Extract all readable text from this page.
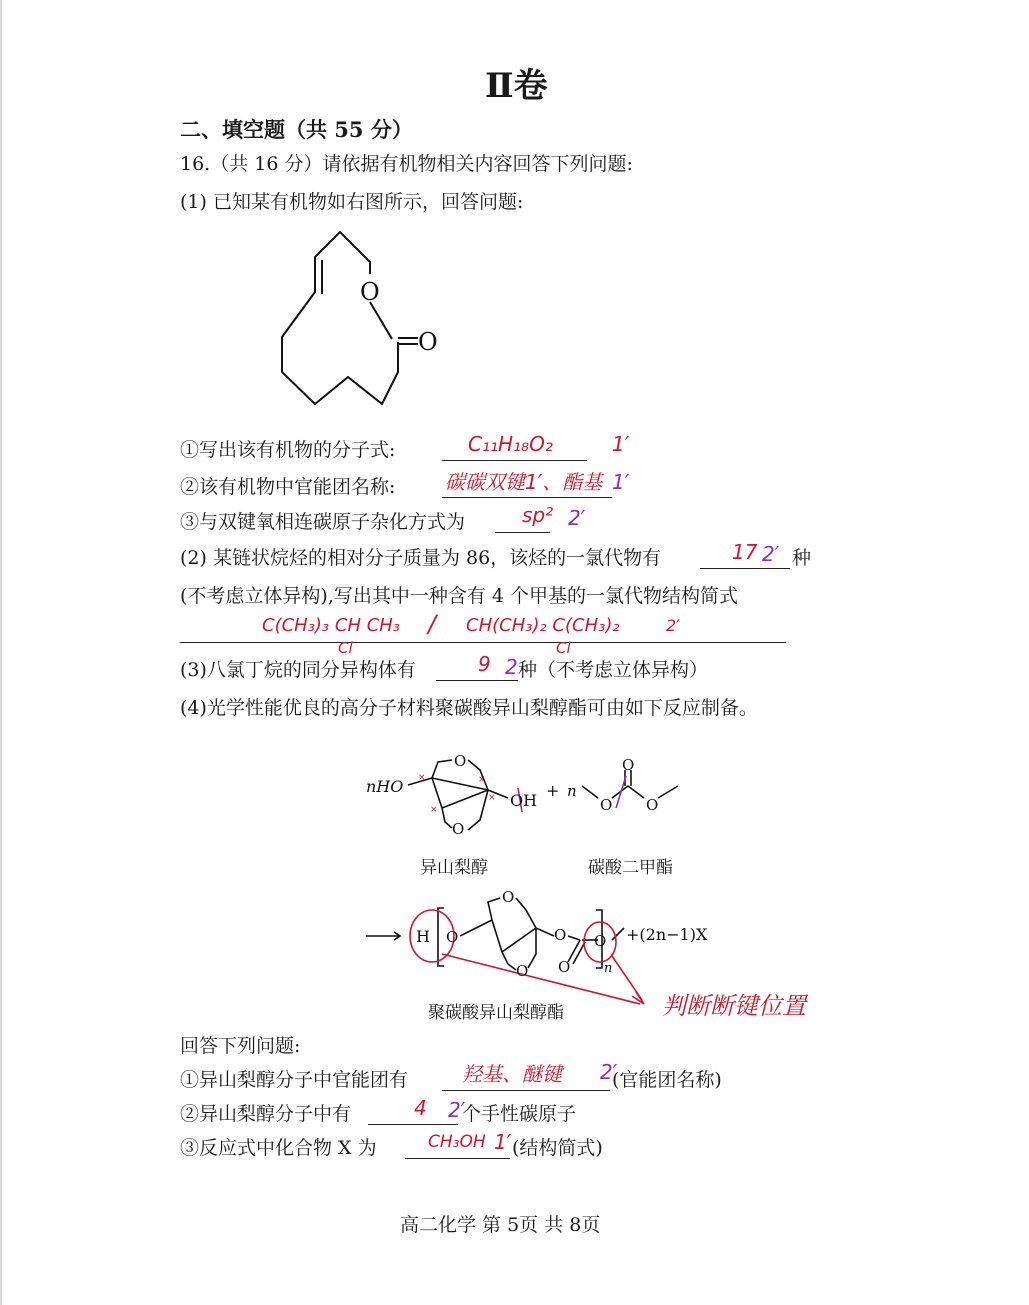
Ⅱ卷
二、填空题（共 55 分）
16.（共 16 分）请依据有机物相关内容回答下列问题:
(1) 已知某有机物如右图所示，回答问题:
O
O
①写出该有机物的分子式:	C₁₁H₁₈O₂	1′
②该有机物中官能团名称: 碳碳双键1′、酯基 1′
③与双键氧相连碳原子杂化方式为	sp² 2′
(2) 某链状烷烃的相对分子质量为 86，该烃的一氯代物有	17 2′ 种
(不考虑立体异构),写出其中一种含有 4 个甲基的一氯代物结构简式
C(CH₃)₃ CH CH₃
Cl
/ CH(CH₃)₂ C(CH₃)₂
Cl
2′
(3)八氯丁烷的同分异构体有	9 2 种（不考虑立体异构）
(4)光学性能优良的高分子材料聚碳酸异山梨醇酯可由如下反应制备。
×	×
×
×
nHO
O
O
OH
+ n
O
O
O
异山梨醇	碳酸二甲酯
H O
O
O
O
O
O
n
+(2n−1)X
聚碳酸异山梨醇酯	判断断键位置
回答下列问题:
①异山梨醇分子中官能团有	羟基、醚键 2′
(官能团名称)
②异山梨醇分子中有	4 2′
个手性碳原子
③反应式中化合物 X 为	CH₃OH 1′ (结构简式)
高二化学 第 5页 共 8页
